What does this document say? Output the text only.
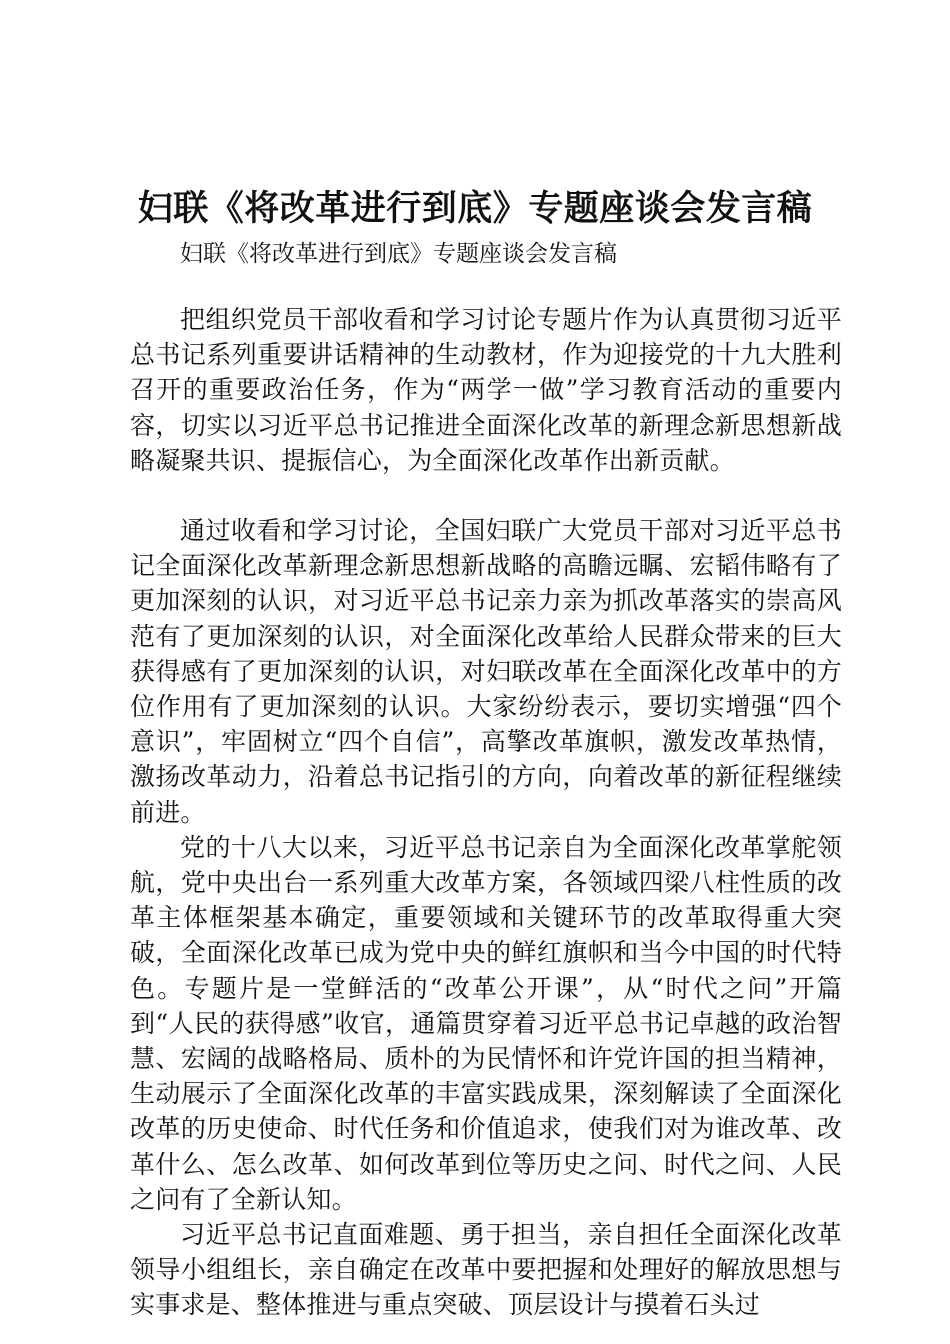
妇联《将改革进行到底》专题座谈会发言稿

妇联《将改革进行到底》专题座谈会发言稿

把组织党员干部收看和学习讨论专题片作为认真贯彻习近平总书记系列重要讲话精神的生动教材，作为迎接党的十九大胜利召开的重要政治任务，作为“两学一做”学习教育活动的重要内容，切实以习近平总书记推进全面深化改革的新理念新思想新战略凝聚共识、提振信心，为全面深化改革作出新贡献。

通过收看和学习讨论，全国妇联广大党员干部对习近平总书记全面深化改革新理念新思想新战略的高瞻远瞩、宏韬伟略有了更加深刻的认识，对习近平总书记亲力亲为抓改革落实的崇高风范有了更加深刻的认识，对全面深化改革给人民群众带来的巨大获得感有了更加深刻的认识，对妇联改革在全面深化改革中的方位作用有了更加深刻的认识。大家纷纷表示，要切实增强“四个意识”，牢固树立“四个自信”，高擎改革旗帜，激发改革热情，激扬改革动力，沿着总书记指引的方向，向着改革的新征程继续前进。

党的十八大以来，习近平总书记亲自为全面深化改革掌舵领航，党中央出台一系列重大改革方案，各领域四梁八柱性质的改革主体框架基本确定，重要领域和关键环节的改革取得重大突破，全面深化改革已成为党中央的鲜红旗帜和当今中国的时代特色。专题片是一堂鲜活的“改革公开课”，从“时代之问”开篇到“人民的获得感”收官，通篇贯穿着习近平总书记卓越的政治智慧、宏阔的战略格局、质朴的为民情怀和许党许国的担当精神，生动展示了全面深化改革的丰富实践成果，深刻解读了全面深化改革的历史使命、时代任务和价值追求，使我们对为谁改革、改革什么、怎么改革、如何改革到位等历史之问、时代之问、人民之问有了全新认知。

习近平总书记直面难题、勇于担当，亲自担任全面深化改革领导小组组长，亲自确定在改革中要把握和处理好的解放思想与实事求是、整体推进与重点突破、顶层设计与摸着石头过
